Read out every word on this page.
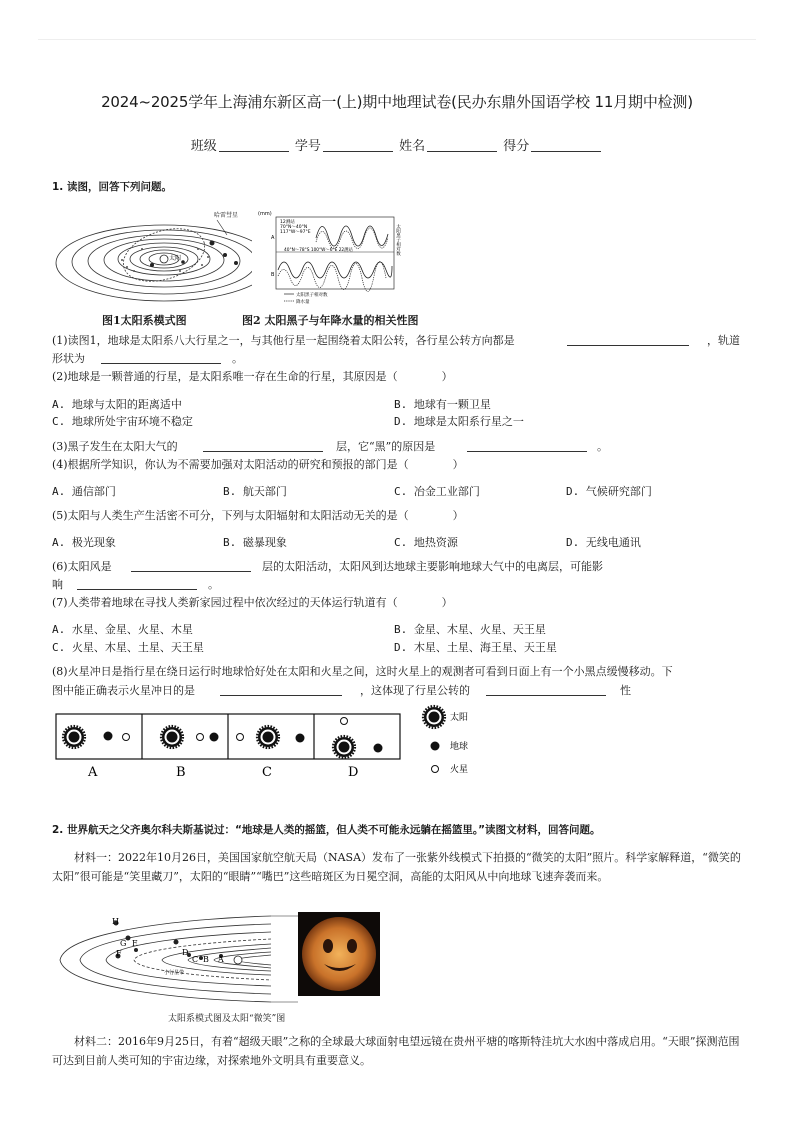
2024~2025学年上海浦东新区高一(上)期中地理试卷(民办东鼎外国语学校 11月期中检测)
班级	学号	姓名	得分
1. 读图，回答下列问题。
太阳
哈雷彗星	(mm)
12测站
70°N～40°N
117°W～97°E
A
40°N～78°S 100°W～6°E 22测站
B
太阳黑子相对数
太阳黑子相对数
降水量
图1太阳系模式图	图2 太阳黑子与年降水量的相关性图
(1)读图1，地球是太阳系八大行星之一，与其他行星一起围绕着太阳公转，各行星公转方向都是	，轨道
形状为	。
(2)地球是一颗普通的行星，是太阳系唯一存在生命的行星，其原因是（　　　　）
A. 地球与太阳的距离适中	B. 地球有一颗卫星
C. 地球所处宇宙环境不稳定	D. 地球是太阳系行星之一
(3)黑子发生在太阳大气的	层，它“黑”的原因是	。
(4)根据所学知识，你认为不需要加强对太阳活动的研究和预报的部门是（　　　　）
A. 通信部门	B. 航天部门	C. 冶金工业部门	D. 气候研究部门
(5)太阳与人类生产生活密不可分，下列与太阳辐射和太阳活动无关的是（　　　　）
A. 极光现象	B. 磁暴现象	C. 地热资源	D. 无线电通讯
(6)太阳风是	层的太阳活动，太阳风到达地球主要影响地球大气中的电离层，可能影
响	。
(7)人类带着地球在寻找人类新家园过程中依次经过的天体运行轨道有（　　　　）
A. 水星、金星、火星、木星	B. 金星、木星、火星、天王星
C. 火星、木星、土星、天王星	D. 木星、土星、海王星、天王星
(8)火星冲日是指行星在绕日运行时地球恰好处在太阳和火星之间，这时火星上的观测者可看到日面上有一个小黑点缓慢移动。下
图中能正确表示火星冲日的是	，这体现了行星公转的	性
A	B	C	D
太阳
地球
火星
2. 世界航天之父齐奥尔科夫斯基说过：“地球是人类的摇篮，但人类不可能永远躺在摇篮里。”读图文材料，回答问题。
材料一：2022年10月26日，美国国家航空航天局（NASA）发布了一张紫外线模式下拍摄的“微笑的太阳”照片。科学家解释道，“微笑的太阳”很可能是“笑里藏刀”，太阳的“眼睛”“嘴巴”这些暗斑区为日冕空洞，高能的太阳风从中向地球飞速奔袭而来。
H
G E
F	D
C B A
小行星带
太阳系模式图及太阳“微笑”图
材料二：2016年9月25日，有着“超级天眼”之称的全球最大球面射电望远镜在贵州平塘的喀斯特洼坑大水凼中落成启用。“天眼”探测范围可达到目前人类可知的宇宙边缘，对探索地外文明具有重要意义。
